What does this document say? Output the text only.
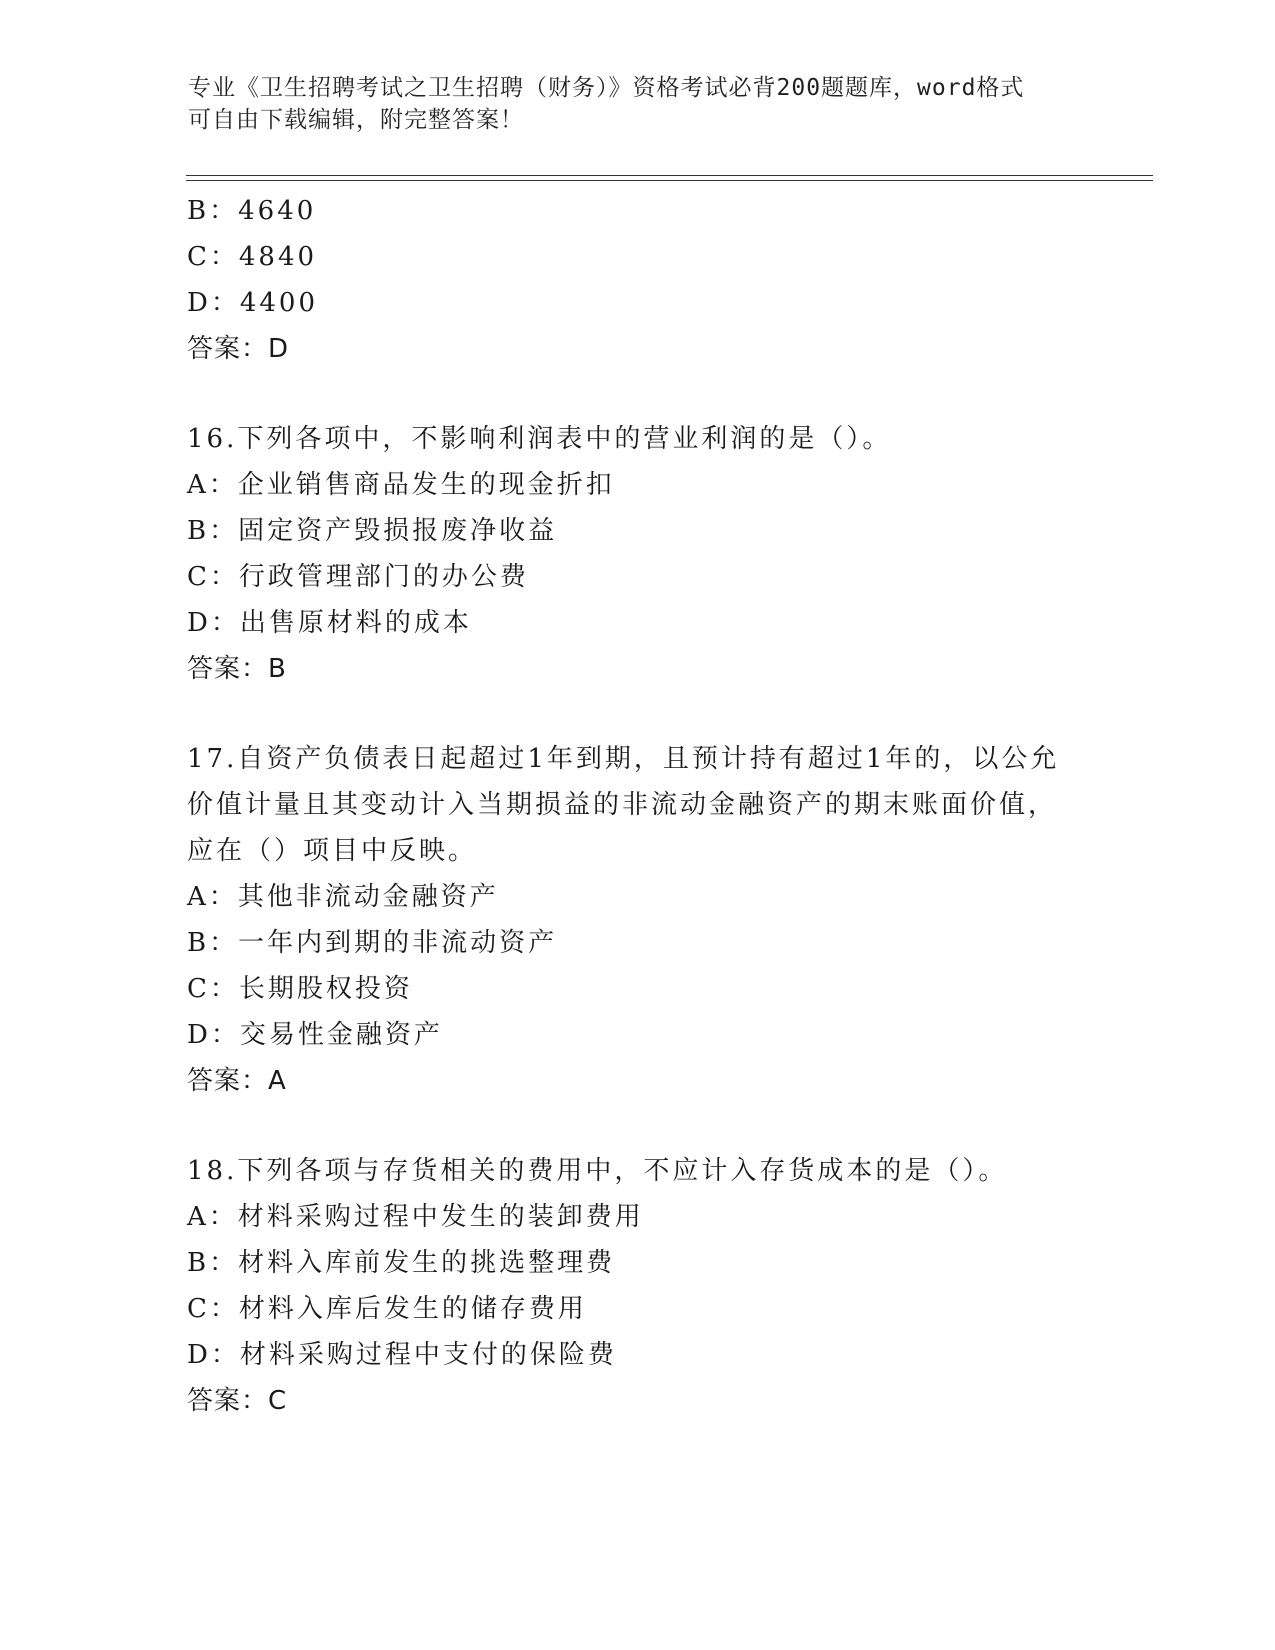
专业《卫生招聘考试之卫生招聘（财务）》资格考试必背200题题库，word格式
可自由下载编辑，附完整答案！
B：4640
C：4840
D：4400
答案：D
16.下列各项中，不影响利润表中的营业利润的是（）。
A：企业销售商品发生的现金折扣
B：固定资产毁损报废净收益
C：行政管理部门的办公费
D：出售原材料的成本
答案：B
17.自资产负债表日起超过1年到期，且预计持有超过1年的，以公允
价值计量且其变动计入当期损益的非流动金融资产的期末账面价值，
应在（）项目中反映。
A：其他非流动金融资产
B：一年内到期的非流动资产
C：长期股权投资
D：交易性金融资产
答案：A
18.下列各项与存货相关的费用中，不应计入存货成本的是（）。
A：材料采购过程中发生的装卸费用
B：材料入库前发生的挑选整理费
C：材料入库后发生的储存费用
D：材料采购过程中支付的保险费
答案：C
